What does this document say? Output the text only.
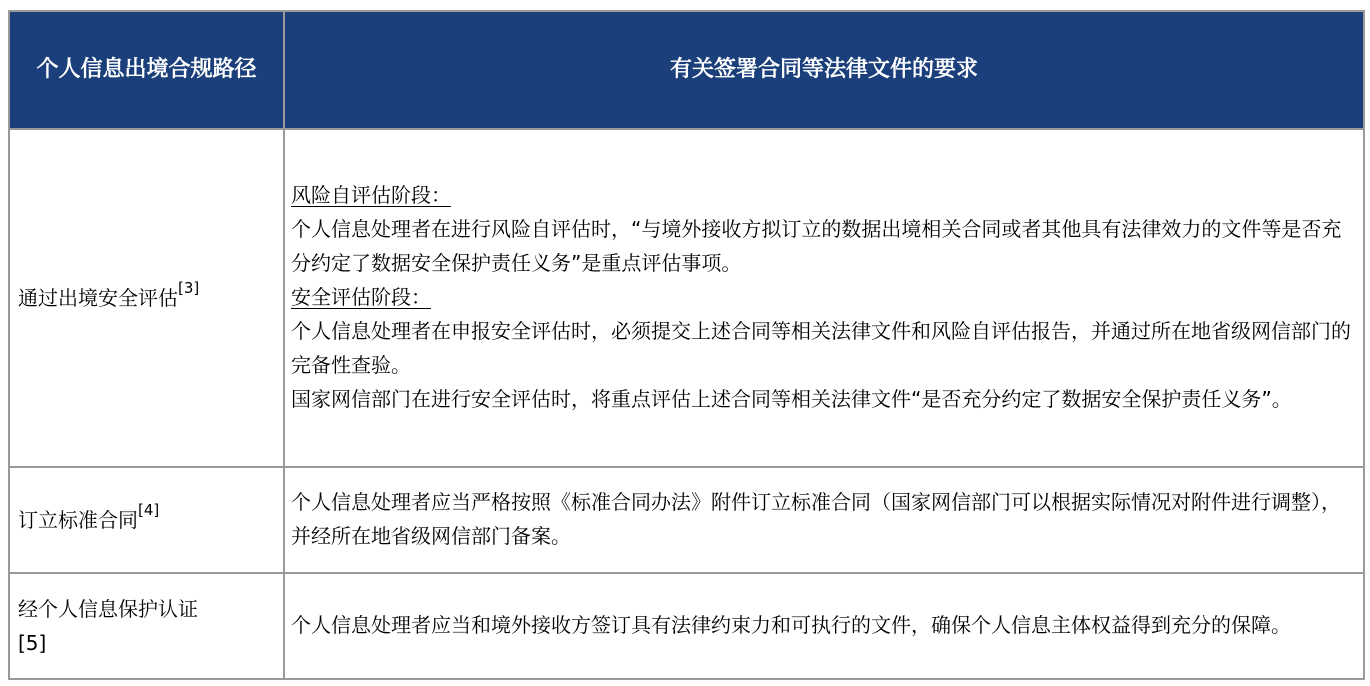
个人信息出境合规路径	有关签署合同等法律文件的要求
通过出境安全评估[3]	风险自评估阶段：
个人信息处理者在进行风险自评估时，“与境外接收方拟订立的数据出境相关合同或者其他具有法律效力的文件等是否充分约定了数据安全保护责任义务”是重点评估事项。
安全评估阶段：
个人信息处理者在申报安全评估时，必须提交上述合同等相关法律文件和风险自评估报告，并通过所在地省级网信部门的完备性查验。
国家网信部门在进行安全评估时，将重点评估上述合同等相关法律文件“是否充分约定了数据安全保护责任义务”。

订立标准合同[4]	个人信息处理者应当严格按照《标准合同办法》附件订立标准合同（国家网信部门可以根据实际情况对附件进行调整），并经所在地省级网信部门备案。

经个人信息保护认证
[5]	个人信息处理者应当和境外接收方签订具有法律约束力和可执行的文件，确保个人信息主体权益得到充分的保障。
